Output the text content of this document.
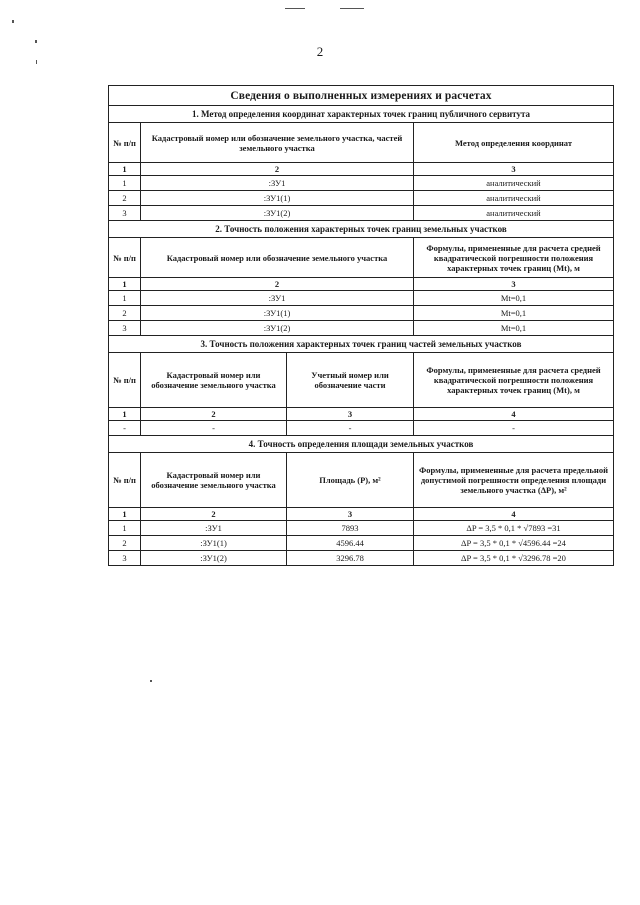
2
Сведения о выполненных измерениях и расчетах			
1. Метод определения координат характерных точек границ публичного сервитута			
№ п/п	Кадастровый номер или обозначение земельного участка, частей земельного участка		Метод определения координат
1	2		3
1	:ЗУ1		аналитический
2	:ЗУ1(1)		аналитический
3	:ЗУ1(2)		аналитический
2. Точность положения характерных точек границ земельных участков			
№ п/п	Кадастровый номер или обозначение земельного участка		Формулы, примененные для расчета средней квадратической погрешности положения характерных точек границ (Mt), м
1	2		3
1	:ЗУ1		Mt=0,1
2	:ЗУ1(1)		Mt=0,1
3	:ЗУ1(2)		Mt=0,1
3. Точность положения характерных точек границ частей земельных участков			
№ п/п	Кадастровый номер или обозначение земельного участка	Учетный номер или обозначение части	Формулы, примененные для расчета средней квадратической погрешности положения характерных точек границ (Mt), м
1	2	3	4
-	-	-	-
4. Точность определения площади земельных участков			
№ п/п	Кадастровый номер или обозначение земельного участка	Площадь (P), м²	Формулы, примененные для расчета предельной допустимой погрешности определения площади земельного участка (ΔP), м²
1	2	3	4
1	:ЗУ1	7893	ΔP = 3,5 * 0,1 * √7893 =31
2	:ЗУ1(1)	4596.44	ΔP = 3,5 * 0,1 * √4596.44 =24
3	:ЗУ1(2)	3296.78	ΔP = 3,5 * 0,1 * √3296.78 =20
